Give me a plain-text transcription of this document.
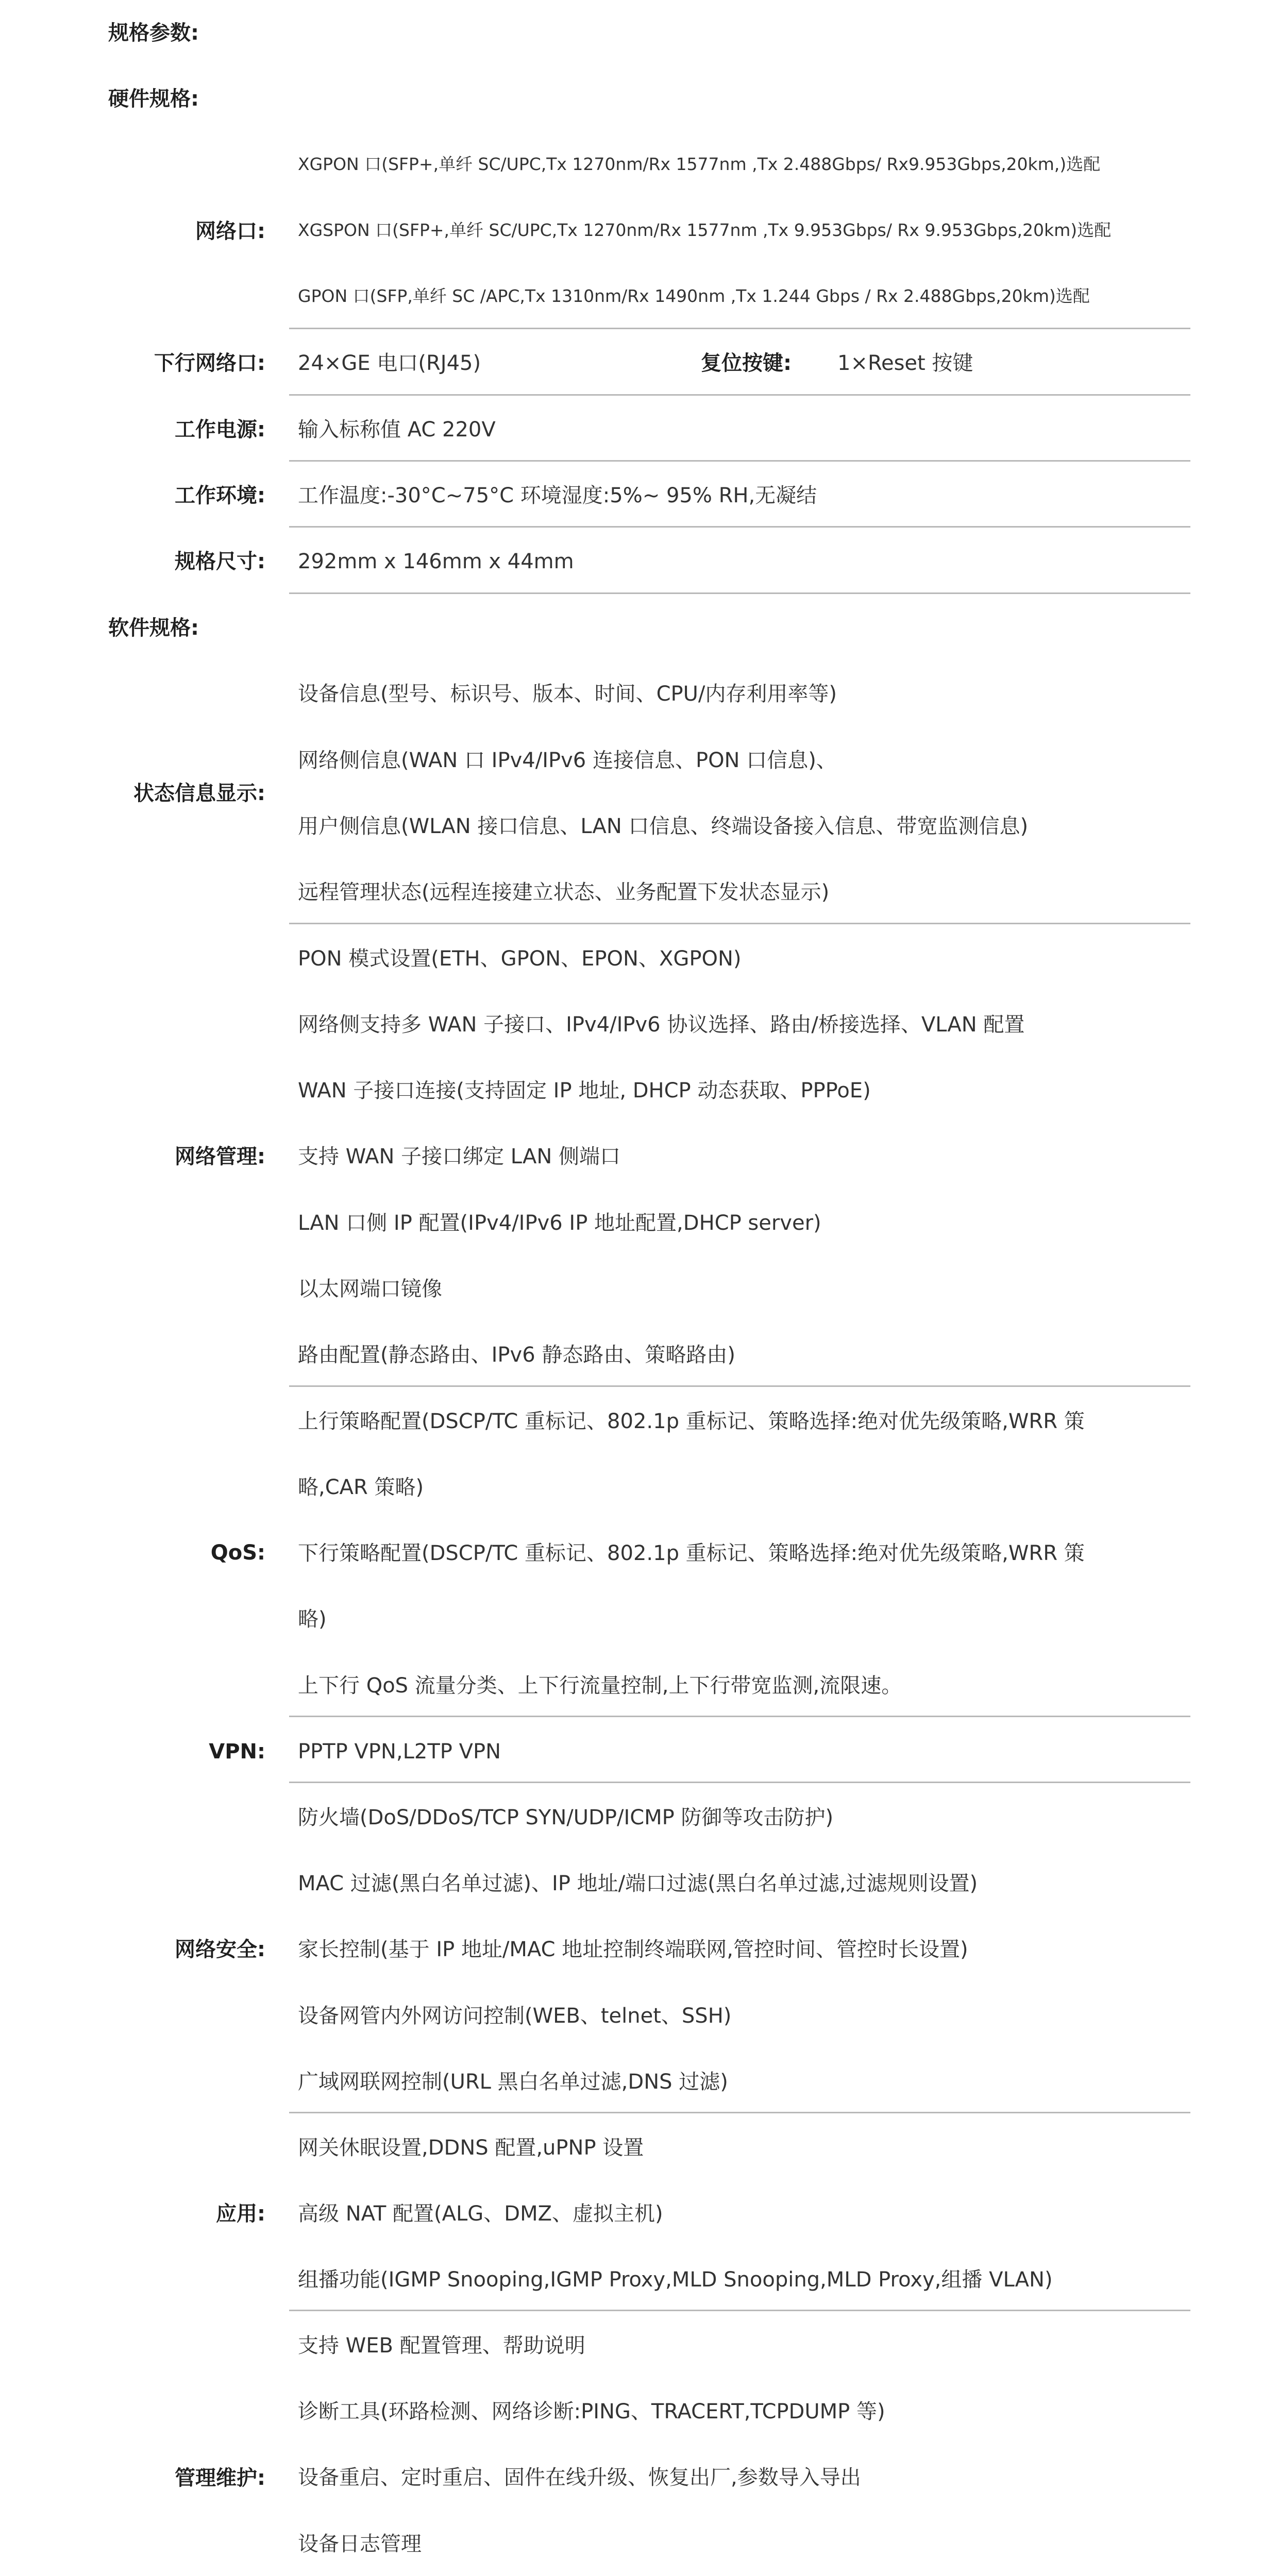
规格参数:
硬件规格:
网络口:
XGPON 口(SFP+,单纤 SC/UPC,Tx 1270nm/Rx 1577nm ,Tx 2.488Gbps/ Rx9.953Gbps,20km,)选配
XGSPON 口(SFP+,单纤 SC/UPC,Tx 1270nm/Rx 1577nm ,Tx 9.953Gbps/ Rx 9.953Gbps,20km)选配
GPON 口(SFP,单纤 SC /APC,Tx 1310nm/Rx 1490nm ,Tx 1.244 Gbps / Rx 2.488Gbps,20km)选配
下行网络口: 24×GE 电口(RJ45)	复位按键: 1×Reset 按键
工作电源: 输入标称值 AC 220V
工作环境: 工作温度:-30°C~75°C 环境湿度:5%~ 95% RH,无凝结
规格尺寸: 292mm x 146mm x 44mm
软件规格:
状态信息显示:
设备信息(型号、标识号、版本、时间、CPU/内存利用率等)
网络侧信息(WAN 口 IPv4/IPv6 连接信息、PON 口信息)、
用户侧信息(WLAN 接口信息、LAN 口信息、终端设备接入信息、带宽监测信息)
远程管理状态(远程连接建立状态、业务配置下发状态显示)
网络管理:
PON 模式设置(ETH、GPON、EPON、XGPON)
网络侧支持多 WAN 子接口、IPv4/IPv6 协议选择、路由/桥接选择、VLAN 配置
WAN 子接口连接(支持固定 IP 地址, DHCP 动态获取、PPPoE)
支持 WAN 子接口绑定 LAN 侧端口
LAN 口侧 IP 配置(IPv4/IPv6 IP 地址配置,DHCP server)
以太网端口镜像
路由配置(静态路由、IPv6 静态路由、策略路由)
QoS:
上行策略配置(DSCP/TC 重标记、802.1p 重标记、策略选择:绝对优先级策略,WRR 策
略,CAR 策略)
下行策略配置(DSCP/TC 重标记、802.1p 重标记、策略选择:绝对优先级策略,WRR 策
略)
上下行 QoS 流量分类、上下行流量控制,上下行带宽监测,流限速。
VPN: PPTP VPN,L2TP VPN
网络安全:
防火墙(DoS/DDoS/TCP SYN/UDP/ICMP 防御等攻击防护)
MAC 过滤(黑白名单过滤)、IP 地址/端口过滤(黑白名单过滤,过滤规则设置)
家长控制(基于 IP 地址/MAC 地址控制终端联网,管控时间、管控时长设置)
设备网管内外网访问控制(WEB、telnet、SSH)
广域网联网控制(URL 黑白名单过滤,DNS 过滤)
应用:
网关休眠设置,DDNS 配置,uPNP 设置
高级 NAT 配置(ALG、DMZ、虚拟主机)
组播功能(IGMP Snooping,IGMP Proxy,MLD Snooping,MLD Proxy,组播 VLAN)
管理维护:
支持 WEB 配置管理、帮助说明
诊断工具(环路检测、网络诊断:PING、TRACERT,TCPDUMP 等)
设备重启、定时重启、固件在线升级、恢复出厂,参数导入导出
设备日志管理
